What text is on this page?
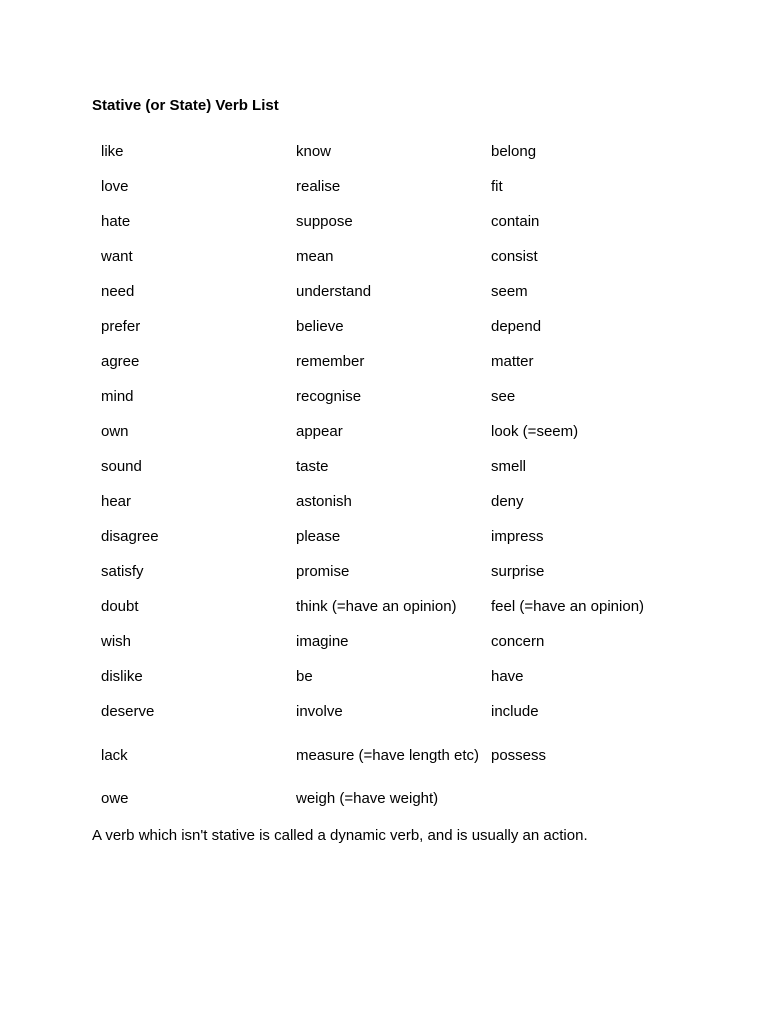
Stative (or State) Verb List
like	know	belong
love	realise	fit
hate	suppose	contain
want	mean	consist
need	understand	seem
prefer	believe	depend
agree	remember	matter
mind	recognise	see
own	appear	look (=seem)
sound	taste	smell
hear	astonish	deny
disagree	please	impress
satisfy	promise	surprise
doubt	think (=have an opinion)	feel (=have an opinion)
wish	imagine	concern
dislike	be	have
deserve	involve	include
lack	measure (=have length etc)	possess
owe	weigh (=have weight)	
A verb which isn't stative is called a dynamic verb, and is usually an action.
